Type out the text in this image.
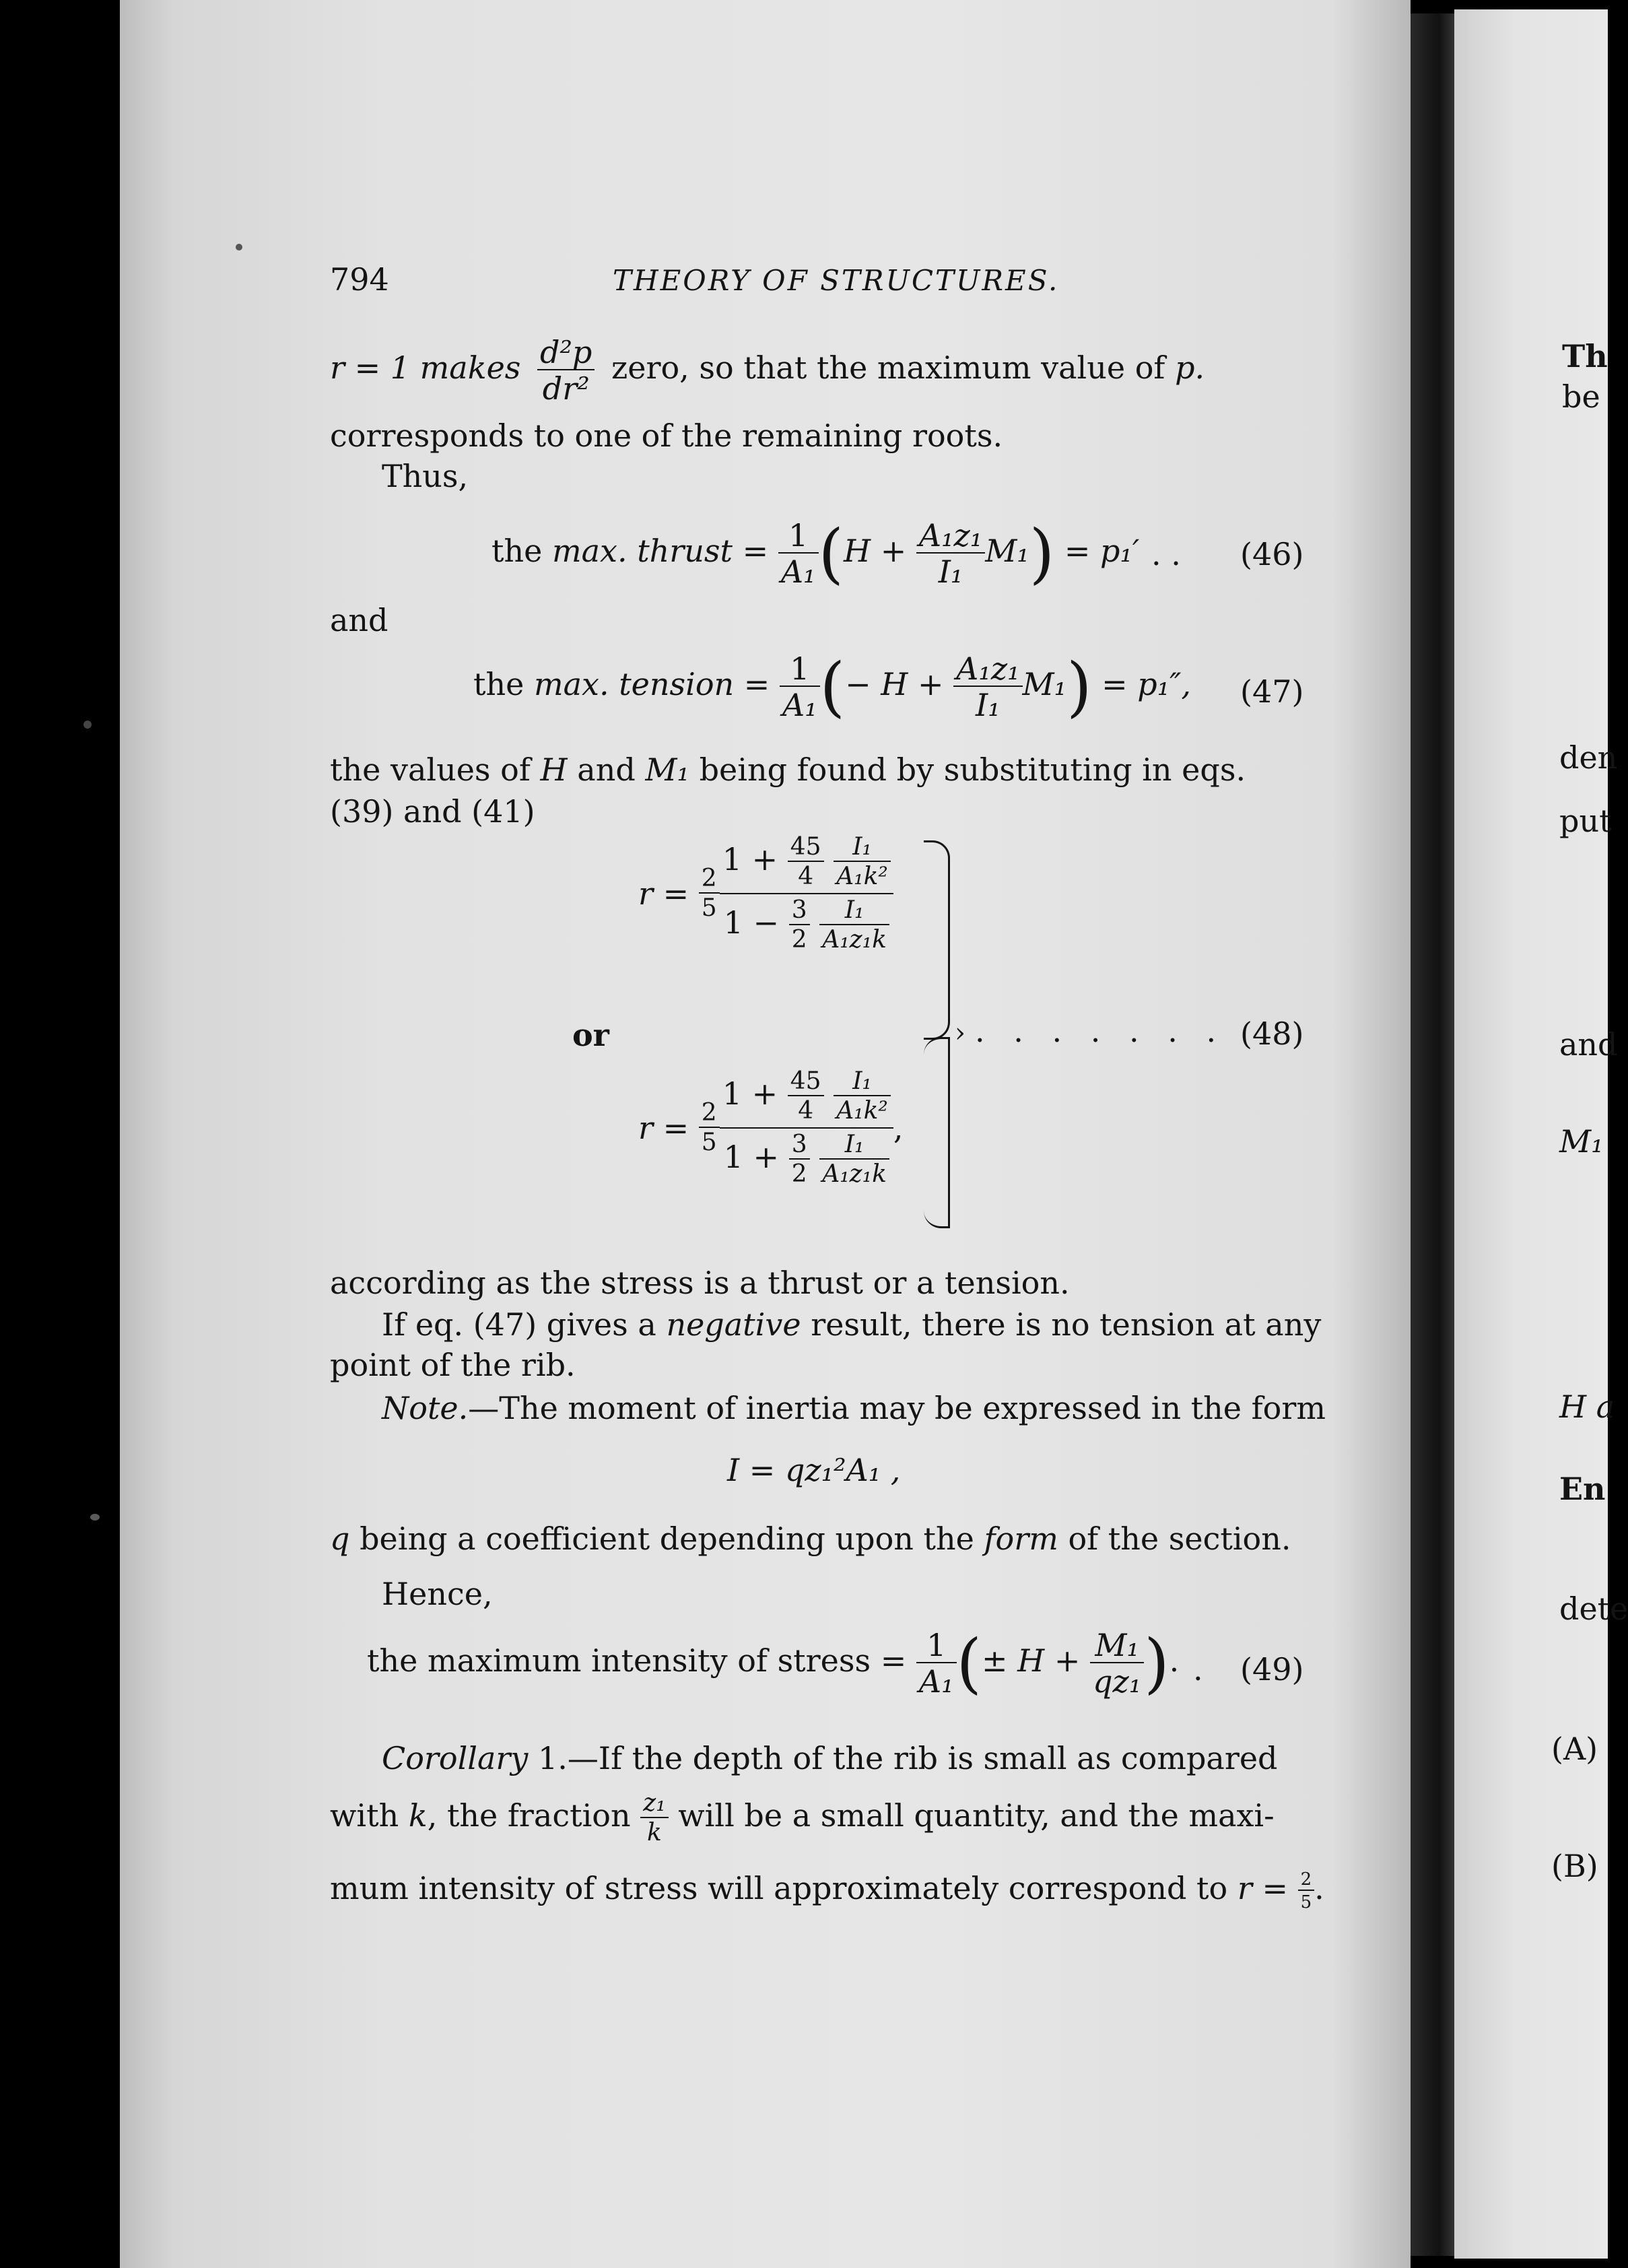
794	THEORY OF STRUCTURES.
r = 1 makes $\frac{\text{d²p}}{\text{dr²}}$ zero, so that the maximum value of p.
corresponds to one of the remaining roots.
Thus,
the max. thrust = $\frac{1}{\text{A₁}} (H + \frac{\text{A₁z₁}}{\text{I₁}} M_1) = p_1'$ . . (46)
and
the max. tension = $\frac{1}{\text{A₁}}$ (− $H + \frac{\text{A₁z₁}}{\text{I₁}} M_1) = p_1''$, (47)
the values of H and M₁ being found by substituting in eqs.
(39) and (41)
$r = \frac{2}{5} 1 + \frac{45}{4}$
$\frac{\text{I₁}}{\text{A₁k²}}$
$1 - \frac{3}{2}$
$\frac{\text{I₁}}{\text{A₁z₁k}}$
or
$r = \frac{2}{5} 1 + \frac{45}{4}$
$\frac{\text{I₁}}{\text{A₁k²}}$
$1 + \frac{3}{2}$
$\frac{\text{I₁}}{\text{A₁z₁k}}$ ,
› . . . . . . . (48)
according as the stress is a thrust or a tension.
If eq. (47) gives a negative result, there is no tension at any
point of the rib.
Note.—The moment of inertia may be expressed in the form
I = qz₁²A₁ ,
q being a coefficient depending upon the form of the section.
Hence,
the maximum intensity of stress = $\frac{1}{\text{A₁}}$ (± $H + \frac{\text{M₁}}{\text{qz₁}}$ ). . (49)
Corollary 1.—If the depth of the rib is small as compared
with k, the fraction $\frac{\text{z₁}}{k}$ will be a small quantity, and the maxi-
mum intensity of stress will approximately correspond to $r = \frac{2}{5}$ .
Th
be
den
put
and
M₁
H a
En
dete
(A)
(B)
